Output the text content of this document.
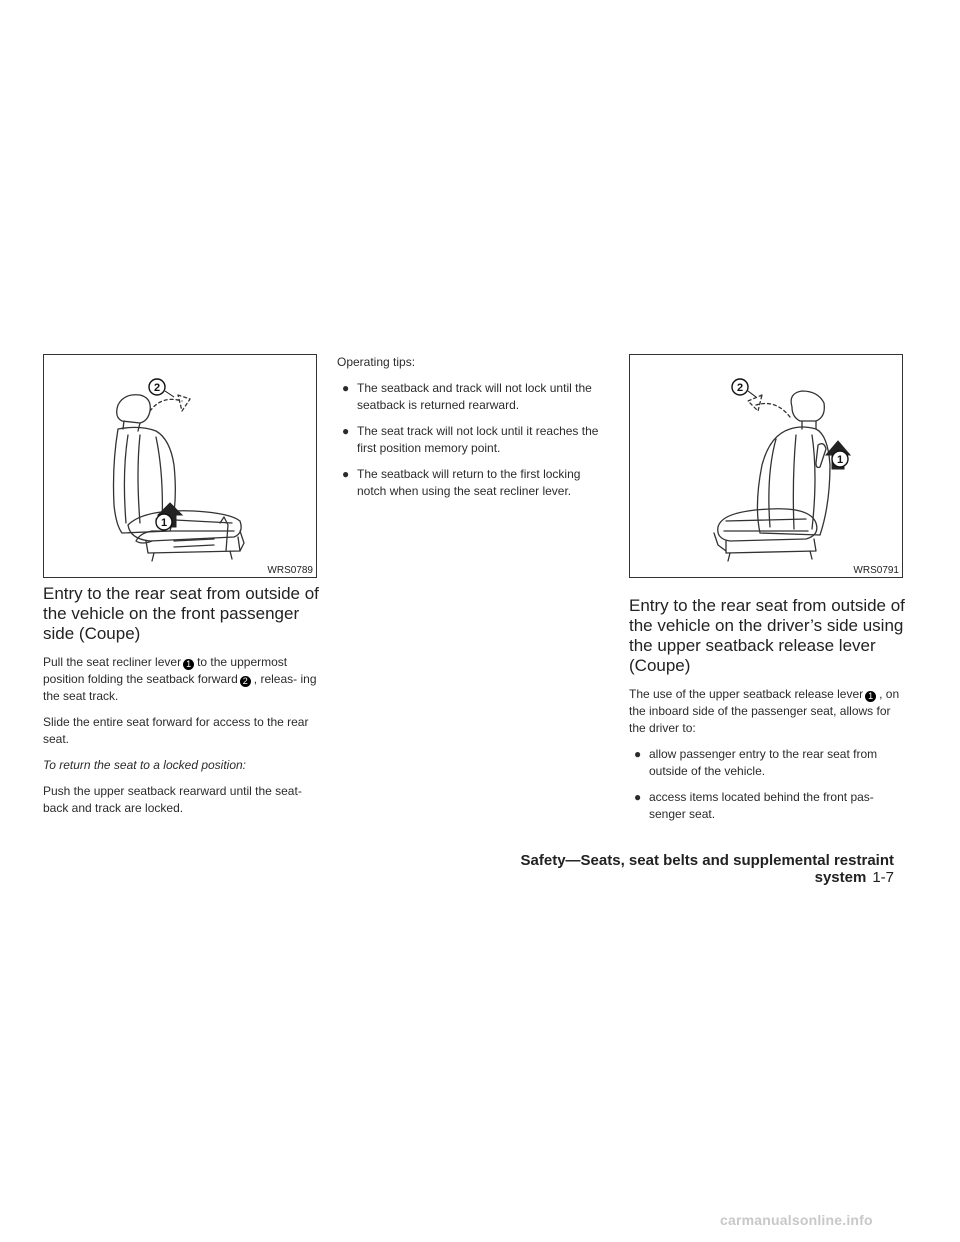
2
1
WRS0789
2
1
WRS0791
Entry to the rear seat from outside of the vehicle on the front passenger side (Coupe)

Pull the seat recliner lever 1 to the uppermost position folding the seatback forward 2 , releas- ing the seat track.

Slide the entire seat forward for access to the rear seat.

To return the seat to a locked position:

Push the upper seatback rearward until the seat- back and track are locked.

Operating tips:

● The seatback and track will not lock until the seatback is returned rearward.
● The seat track will not lock until it reaches the first position memory point.
● The seatback will return to the first locking notch when using the seat recliner lever.
Entry to the rear seat from outside of the vehicle on the driver’s side using the upper seatback release lever (Coupe)

The use of the upper seatback release lever 1 , on the inboard side of the passenger seat, allows for the driver to:

● allow passenger entry to the rear seat from outside of the vehicle.
● access items located behind the front pas- senger seat.
Safety—Seats, seat belts and supplemental restraint system 1-7
carmanualsonline.info
